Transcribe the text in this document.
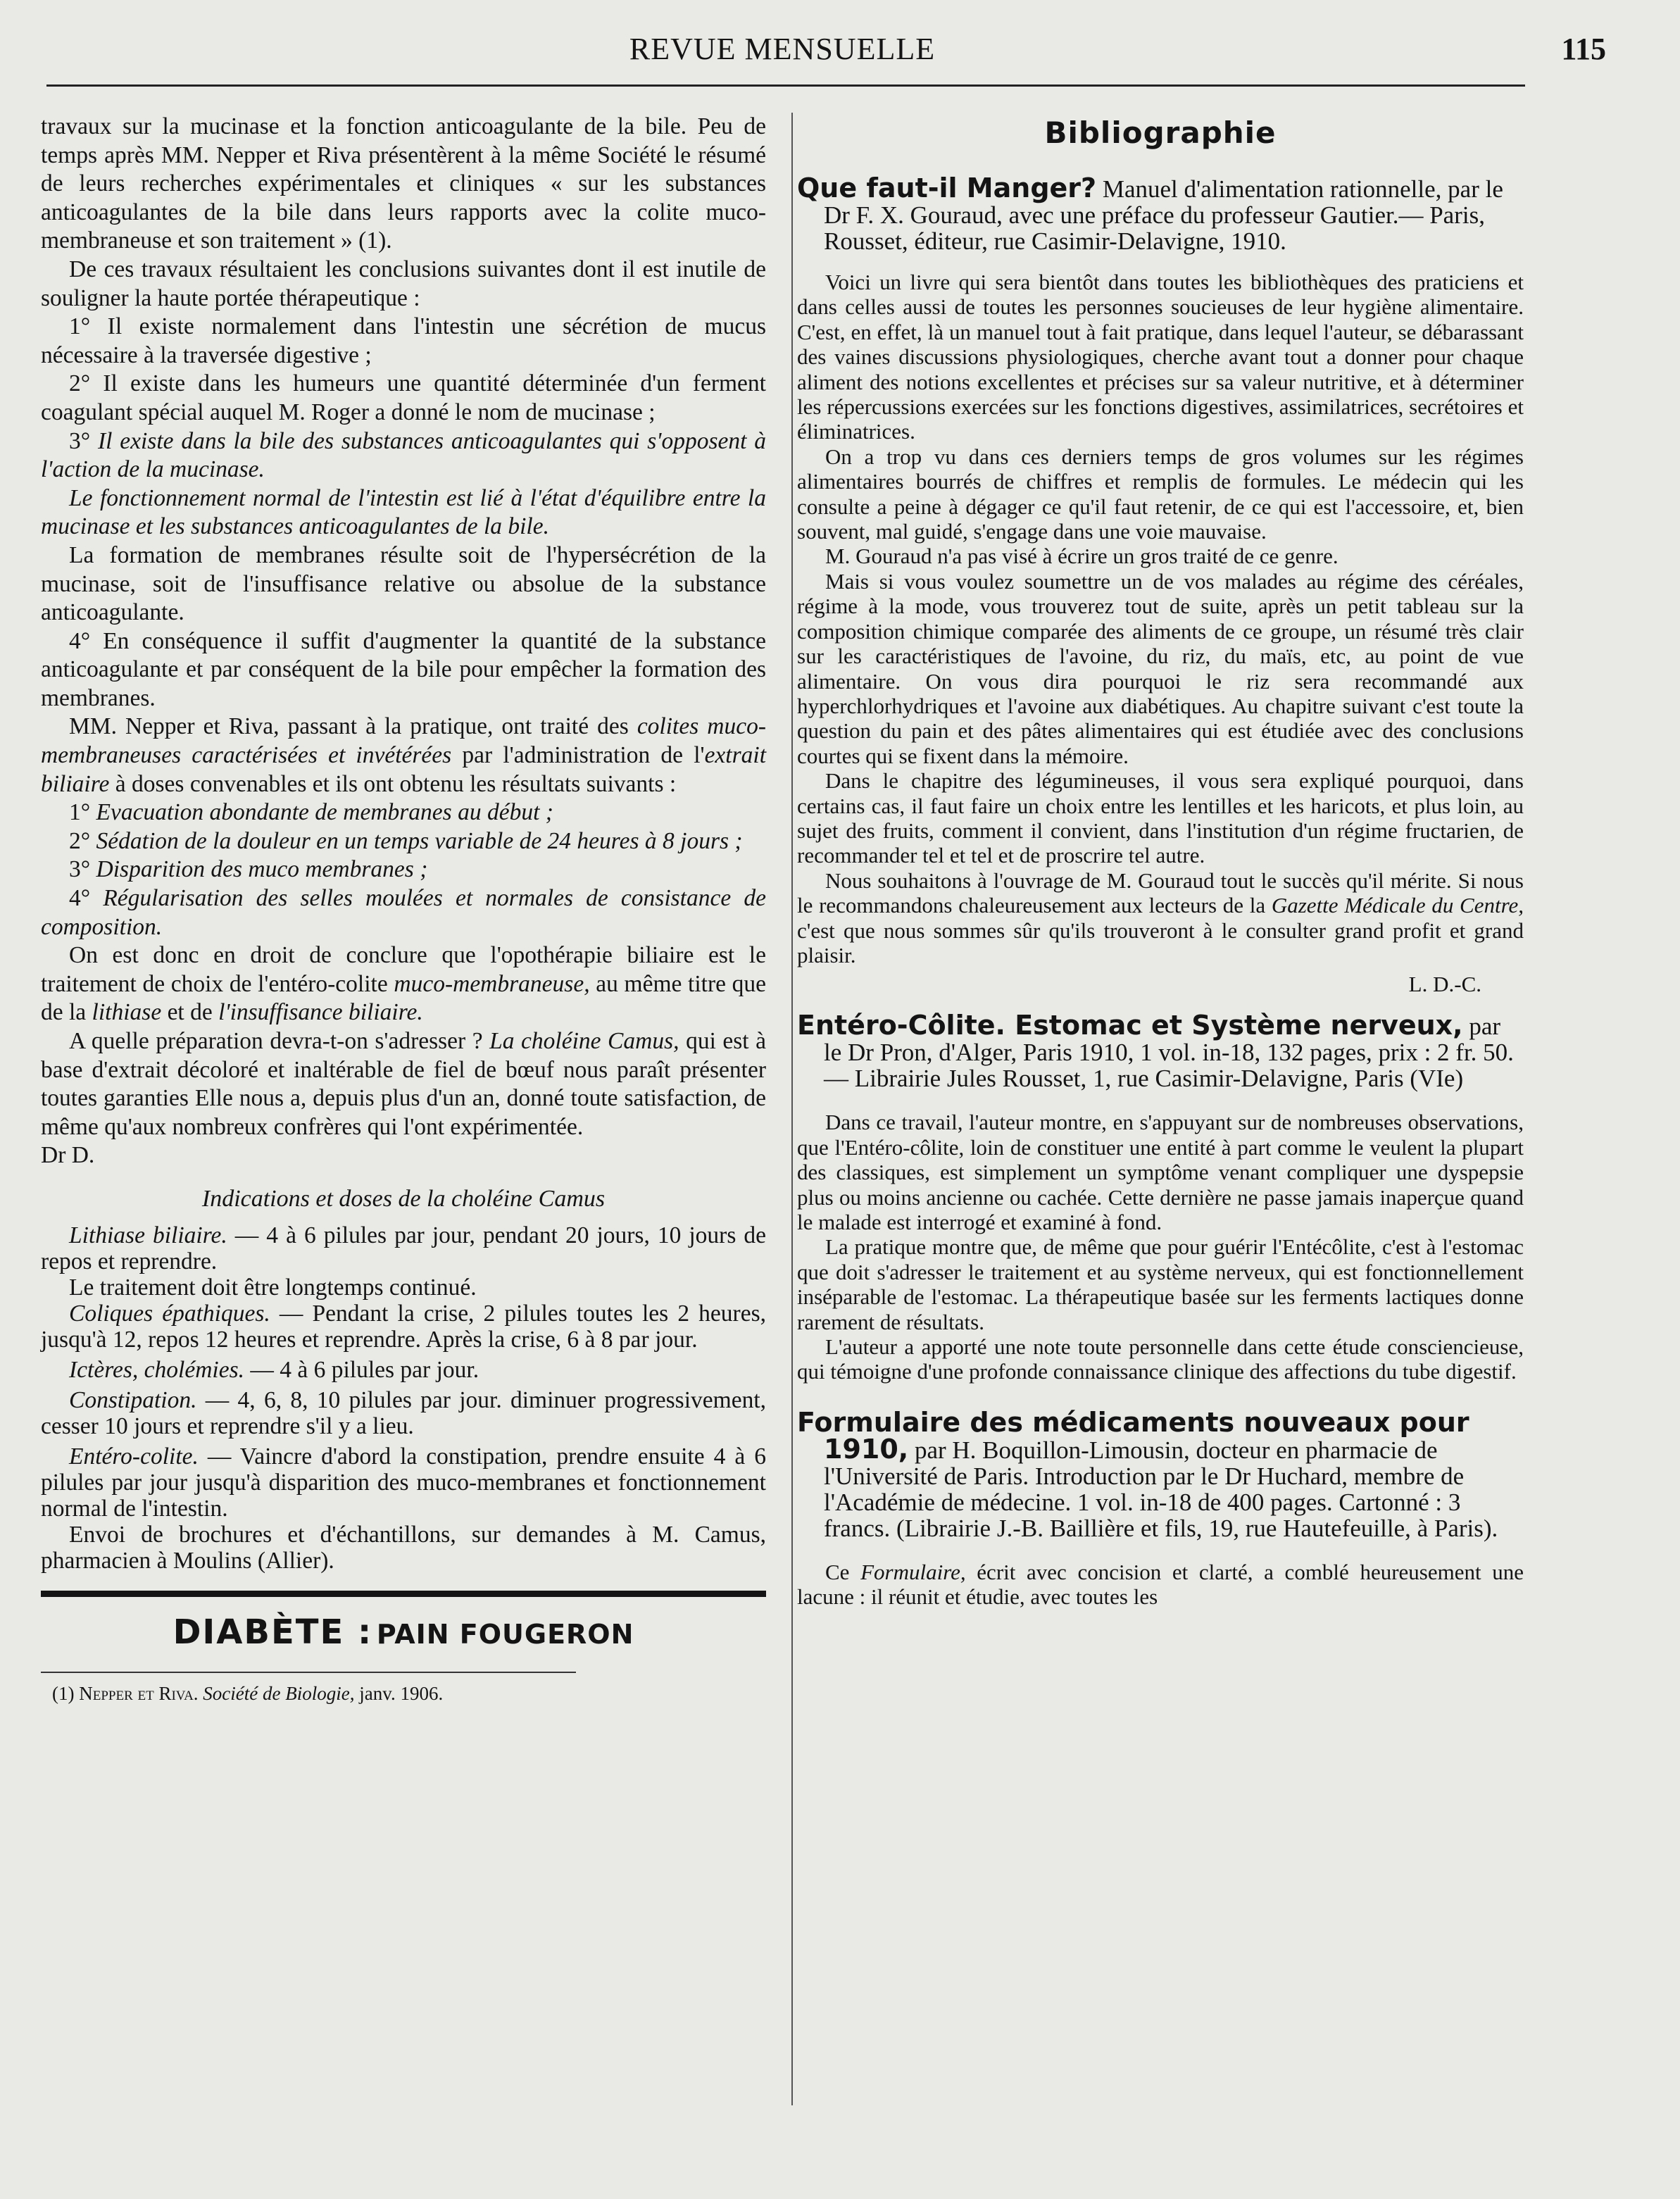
REVUE MENSUELLE	115

travaux sur la mucinase et la fonction anticoagulante de la bile. Peu de temps après MM. Nepper et Riva présentèrent à la même Société le résumé de leurs recherches expérimentales et cliniques « sur les substances anticoagulantes de la bile dans leurs rapports avec la colite muco-membraneuse et son traitement » (1).

De ces travaux résultaient les conclusions suivantes dont il est inutile de souligner la haute portée thérapeutique :

1° Il existe normalement dans l'intestin une sécrétion de mucus nécessaire à la traversée digestive ;

2° Il existe dans les humeurs une quantité déterminée d'un ferment coagulant spécial auquel M. Roger a donné le nom de mucinase ;

3° Il existe dans la bile des substances anticoagulantes qui s'opposent à l'action de la mucinase.

Le fonctionnement normal de l'intestin est lié à l'état d'équilibre entre la mucinase et les substances anticoagulantes de la bile.

La formation de membranes résulte soit de l'hypersécrétion de la mucinase, soit de l'insuffisance relative ou absolue de la substance anticoagulante.

4° En conséquence il suffit d'augmenter la quantité de la substance anticoagulante et par conséquent de la bile pour empêcher la formation des membranes.

MM. Nepper et Riva, passant à la pratique, ont traité des colites muco-membraneuses caractérisées et invétérées par l'administration de l'extrait biliaire à doses convenables et ils ont obtenu les résultats suivants :

1° Evacuation abondante de membranes au début ;

2° Sédation de la douleur en un temps variable de 24 heures à 8 jours ;

3° Disparition des muco membranes ;

4° Régularisation des selles moulées et normales de consistance de composition.

On est donc en droit de conclure que l'opothérapie biliaire est le traitement de choix de l'entéro-colite muco-membraneuse, au même titre que de la lithiase et de l'insuffisance biliaire.

A quelle préparation devra-t-on s'adresser ? La choléine Camus, qui est à base d'extrait décoloré et inaltérable de fiel de bœuf nous paraît présenter toutes garanties Elle nous a, depuis plus d'un an, donné toute satisfaction, de même qu'aux nombreux confrères qui l'ont expérimentée.

Dr D.

Indications et doses de la choléine Camus

Lithiase biliaire. — 4 à 6 pilules par jour, pendant 20 jours, 10 jours de repos et reprendre.

Le traitement doit être longtemps continué.

Coliques épathiques. — Pendant la crise, 2 pilules toutes les 2 heures, jusqu'à 12, repos 12 heures et reprendre. Après la crise, 6 à 8 par jour.

Ictères, cholémies. — 4 à 6 pilules par jour.

Constipation. — 4, 6, 8, 10 pilules par jour. diminuer progressivement, cesser 10 jours et reprendre s'il y a lieu.

Entéro-colite. — Vaincre d'abord la constipation, prendre ensuite 4 à 6 pilules par jour jusqu'à disparition des muco-membranes et fonctionnement normal de l'intestin.

Envoi de brochures et d'échantillons, sur demandes à M. Camus, pharmacien à Moulins (Allier).

DIABÈTE : PAIN FOUGERON

(1) Nepper et Riva. Société de Biologie, janv. 1906.

Bibliographie

Que faut-il Manger? Manuel d'alimentation rationnelle, par le Dr F. X. Gouraud, avec une préface du professeur Gautier.— Paris, Rousset, éditeur, rue Casimir-Delavigne, 1910.

Voici un livre qui sera bientôt dans toutes les bibliothèques des praticiens et dans celles aussi de toutes les personnes soucieuses de leur hygiène alimentaire. C'est, en effet, là un manuel tout à fait pratique, dans lequel l'auteur, se débarassant des vaines discussions physiologiques, cherche avant tout a donner pour chaque aliment des notions excellentes et précises sur sa valeur nutritive, et à déterminer les répercussions exercées sur les fonctions digestives, assimilatrices, secrétoires et éliminatrices.

On a trop vu dans ces derniers temps de gros volumes sur les régimes alimentaires bourrés de chiffres et remplis de formules. Le médecin qui les consulte a peine à dégager ce qu'il faut retenir, de ce qui est l'accessoire, et, bien souvent, mal guidé, s'engage dans une voie mauvaise.

M. Gouraud n'a pas visé à écrire un gros traité de ce genre.

Mais si vous voulez soumettre un de vos malades au régime des céréales, régime à la mode, vous trouverez tout de suite, après un petit tableau sur la composition chimique comparée des aliments de ce groupe, un résumé très clair sur les caractéristiques de l'avoine, du riz, du maïs, etc, au point de vue alimentaire. On vous dira pourquoi le riz sera recommandé aux hyperchlorhydriques et l'avoine aux diabétiques. Au chapitre suivant c'est toute la question du pain et des pâtes alimentaires qui est étudiée avec des conclusions courtes qui se fixent dans la mémoire.

Dans le chapitre des légumineuses, il vous sera expliqué pourquoi, dans certains cas, il faut faire un choix entre les lentilles et les haricots, et plus loin, au sujet des fruits, comment il convient, dans l'institution d'un régime fructarien, de recommander tel et tel et de proscrire tel autre.

Nous souhaitons à l'ouvrage de M. Gouraud tout le succès qu'il mérite. Si nous le recommandons chaleureusement aux lecteurs de la Gazette Médicale du Centre, c'est que nous sommes sûr qu'ils trouveront à le consulter grand profit et grand plaisir.

L. D.-C.

Entéro-Côlite. Estomac et Système nerveux, par le Dr Pron, d'Alger, Paris 1910, 1 vol. in-18, 132 pages, prix : 2 fr. 50. — Librairie Jules Rousset, 1, rue Casimir-Delavigne, Paris (VIe)

Dans ce travail, l'auteur montre, en s'appuyant sur de nombreuses observations, que l'Entéro-côlite, loin de constituer une entité à part comme le veulent la plupart des classiques, est simplement un symptôme venant compliquer une dyspepsie plus ou moins ancienne ou cachée. Cette dernière ne passe jamais inaperçue quand le malade est interrogé et examiné à fond.

La pratique montre que, de même que pour guérir l'Entécôlite, c'est à l'estomac que doit s'adresser le traitement et au système nerveux, qui est fonctionnellement inséparable de l'estomac. La thérapeutique basée sur les ferments lactiques donne rarement de résultats.

L'auteur a apporté une note toute personnelle dans cette étude consciencieuse, qui témoigne d'une profonde connaissance clinique des affections du tube digestif.

Formulaire des médicaments nouveaux pour 1910, par H. Boquillon-Limousin, docteur en pharmacie de l'Université de Paris. Introduction par le Dr Huchard, membre de l'Académie de médecine. 1 vol. in-18 de 400 pages. Cartonné : 3 francs. (Librairie J.-B. Baillière et fils, 19, rue Hautefeuille, à Paris).

Ce Formulaire, écrit avec concision et clarté, a comblé heureusement une lacune : il réunit et étudie, avec toutes les
